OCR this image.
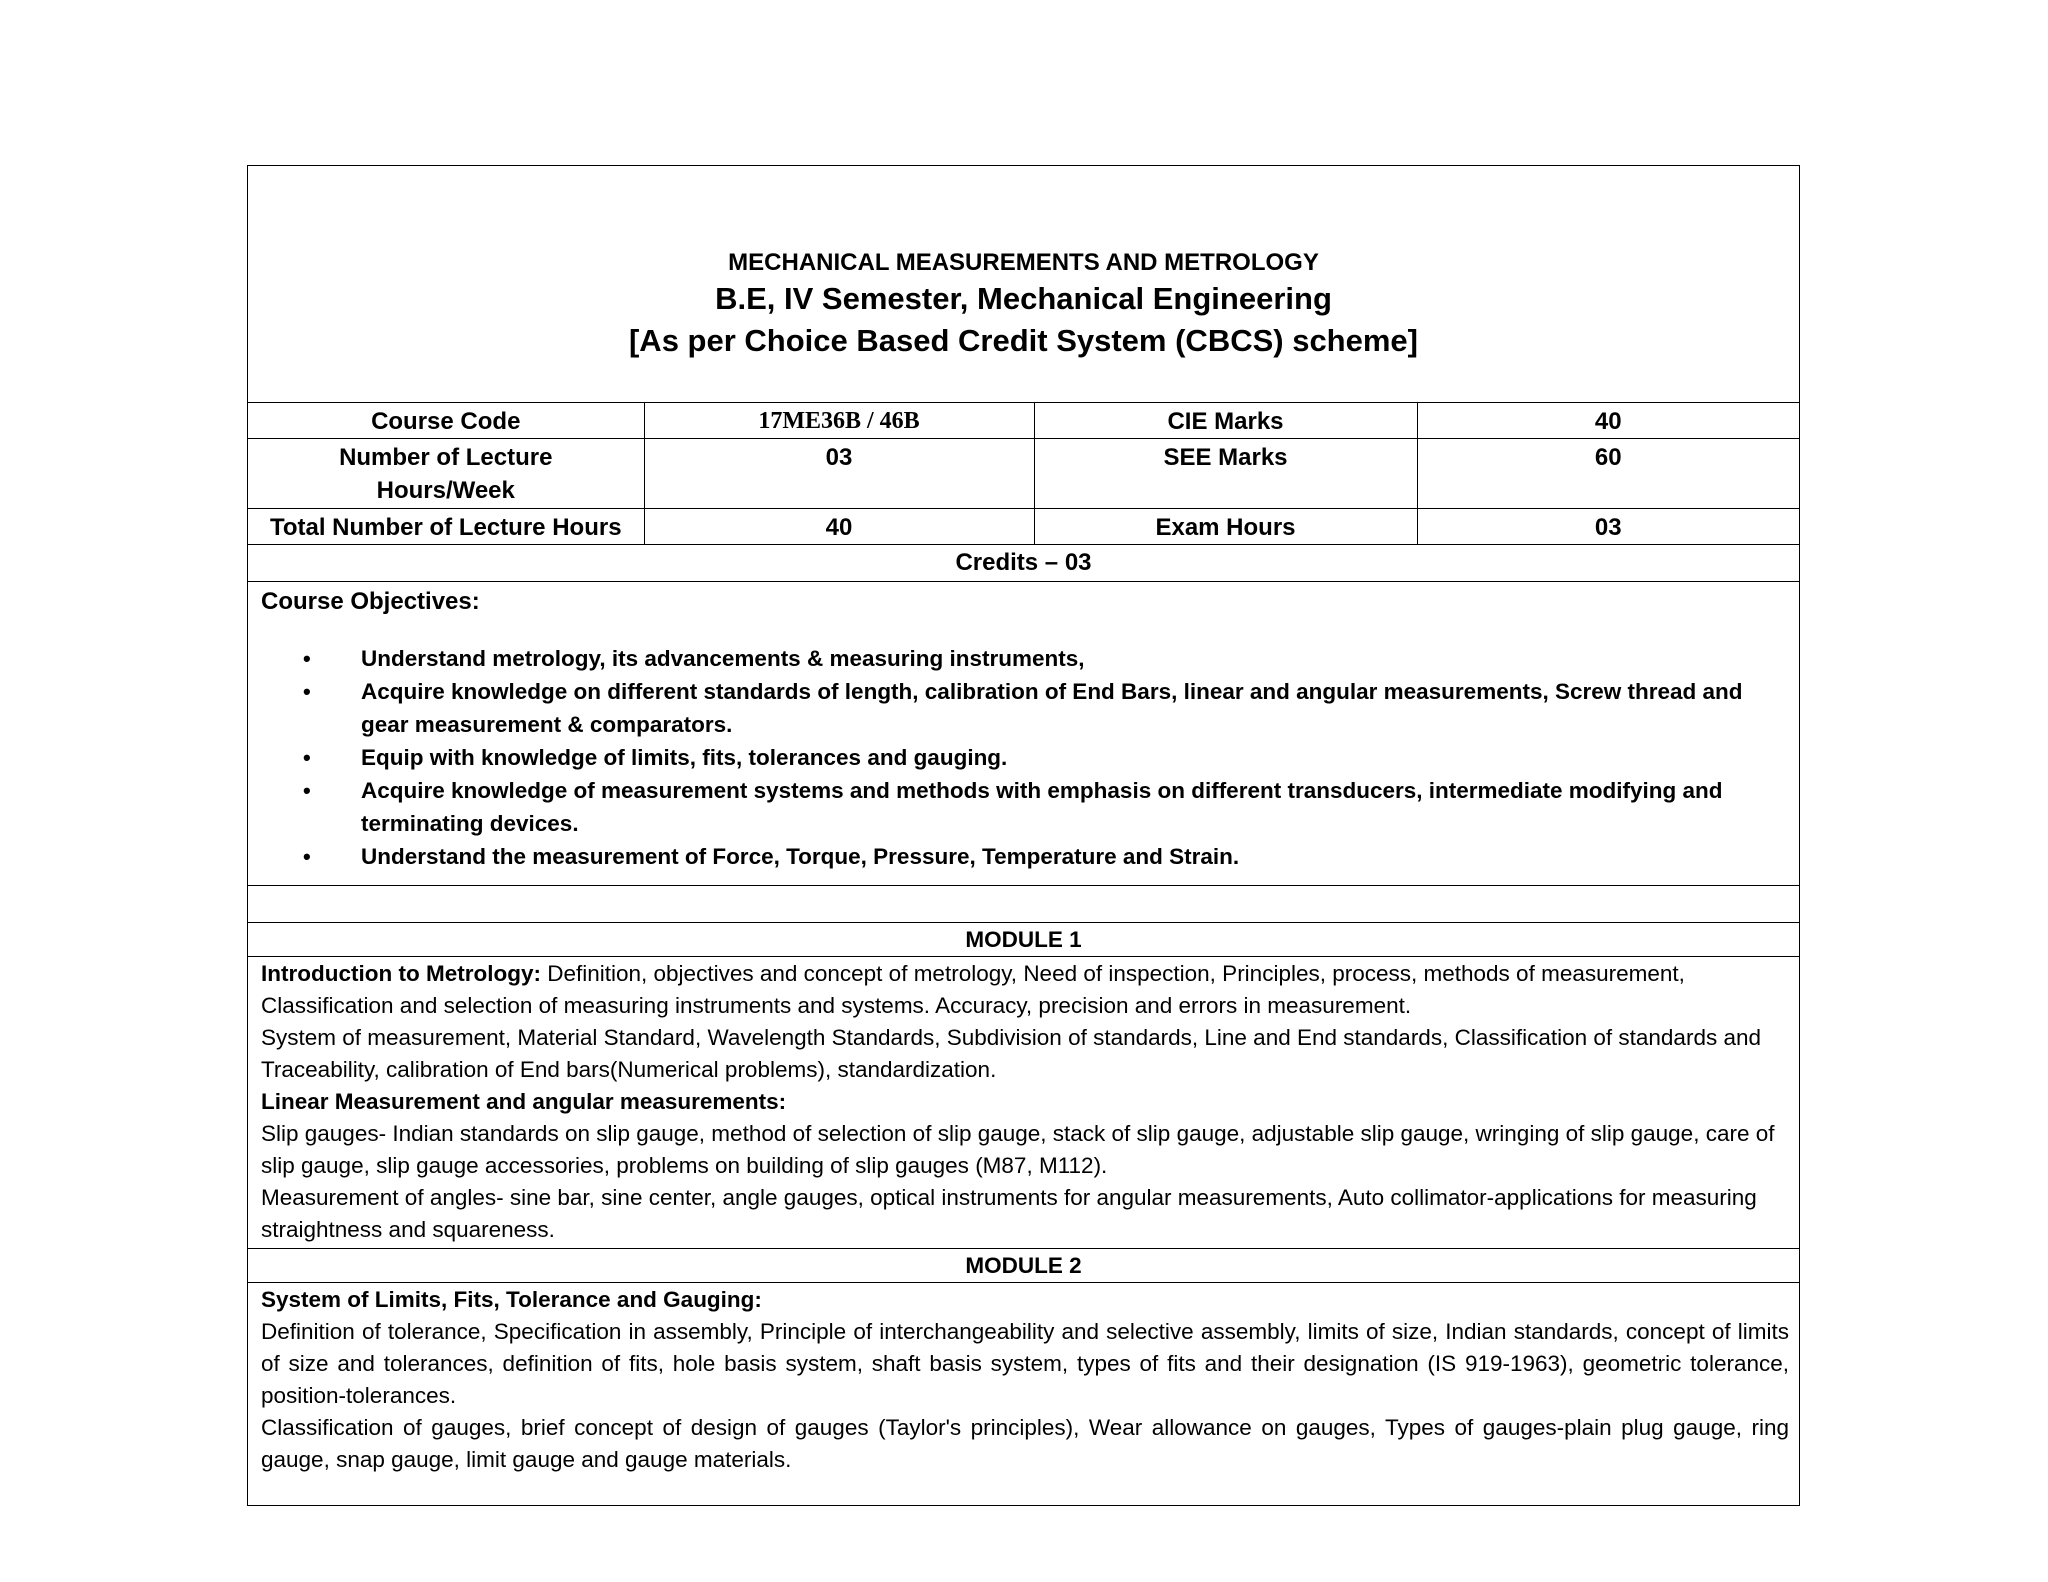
MECHANICAL MEASUREMENTS AND METROLOGY
B.E, IV Semester, Mechanical Engineering
[As per Choice Based Credit System (CBCS) scheme]
Course Code	17ME36B / 46B	CIE Marks	40
Number of Lecture Hours/Week	03	SEE Marks	60
Total Number of Lecture Hours	40	Exam Hours	03
Credits – 03
Course Objectives:
• Understand metrology, its advancements & measuring instruments,
• Acquire knowledge on different standards of length, calibration of End Bars, linear and angular measurements, Screw thread and gear measurement & comparators.
• Equip with knowledge of limits, fits, tolerances and gauging.
• Acquire knowledge of measurement systems and methods with emphasis on different transducers, intermediate modifying and terminating devices.
• Understand the measurement of Force, Torque, Pressure, Temperature and Strain.
MODULE 1

Introduction to Metrology: Definition, objectives and concept of metrology, Need of inspection, Principles, process, methods of measurement, Classification and selection of measuring instruments and systems. Accuracy, precision and errors in measurement.

System of measurement, Material Standard, Wavelength Standards, Subdivision of standards, Line and End standards, Classification of standards and Traceability, calibration of End bars(Numerical problems), standardization.

Linear Measurement and angular measurements:

Slip gauges- Indian standards on slip gauge, method of selection of slip gauge, stack of slip gauge, adjustable slip gauge, wringing of slip gauge, care of slip gauge, slip gauge accessories, problems on building of slip gauges (M87, M112).

Measurement of angles- sine bar, sine center, angle gauges, optical instruments for angular measurements, Auto collimator-applications for measuring straightness and squareness.

MODULE 2

System of Limits, Fits, Tolerance and Gauging:

Definition of tolerance, Specification in assembly, Principle of interchangeability and selective assembly, limits of size, Indian standards, concept of limits of size and tolerances, definition of fits, hole basis system, shaft basis system, types of fits and their designation (IS 919-1963), geometric tolerance, position-tolerances.

Classification of gauges, brief concept of design of gauges (Taylor's principles), Wear allowance on gauges, Types of gauges-plain plug gauge, ring gauge, snap gauge, limit gauge and gauge materials.
